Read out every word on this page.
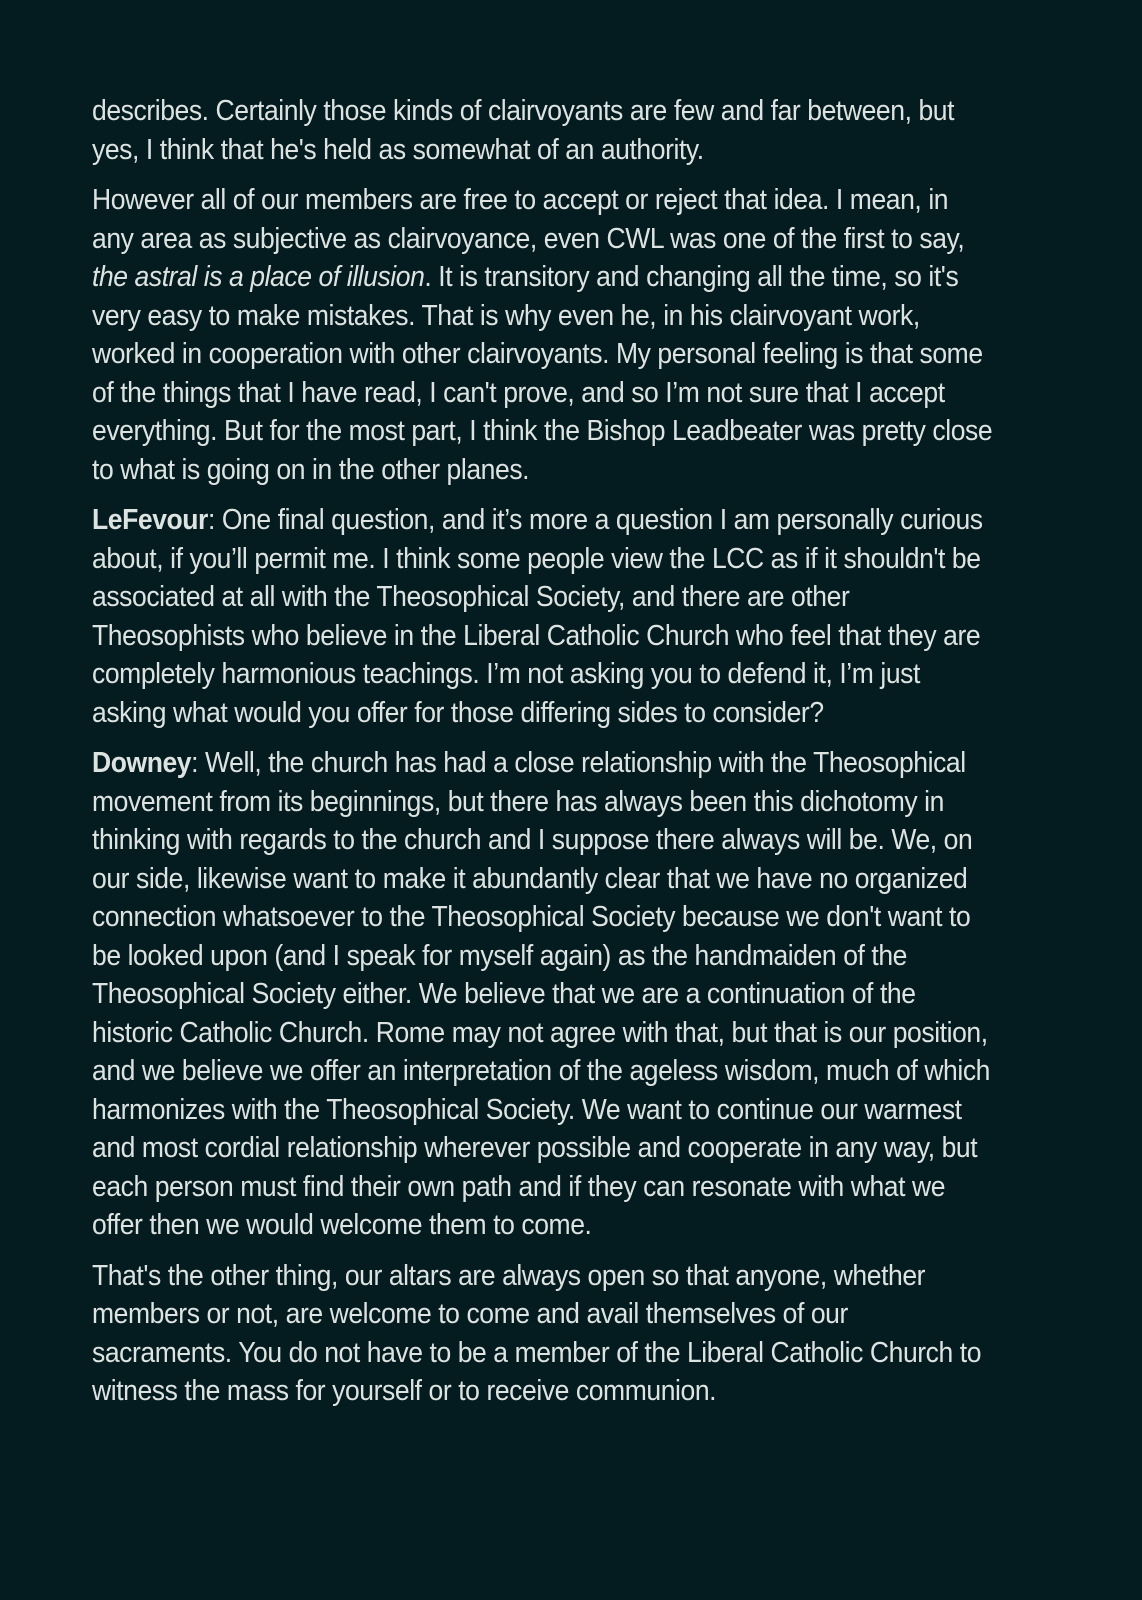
describes. Certainly those kinds of clairvoyants are few and far between, but yes, I think that he's held as somewhat of an authority.

However all of our members are free to accept or reject that idea. I mean, in any area as subjective as clairvoyance, even CWL was one of the first to say, the astral is a place of illusion. It is transitory and changing all the time, so it's very easy to make mistakes. That is why even he, in his clairvoyant work, worked in cooperation with other clairvoyants. My personal feeling is that some of the things that I have read, I can't prove, and so I’m not sure that I accept everything. But for the most part, I think the Bishop Leadbeater was pretty close to what is going on in the other planes.

LeFevour: One final question, and it’s more a question I am personally curious about, if you’ll permit me. I think some people view the LCC as if it shouldn't be associated at all with the Theosophical Society, and there are other Theosophists who believe in the Liberal Catholic Church who feel that they are completely harmonious teachings. I’m not asking you to defend it, I’m just asking what would you offer for those differing sides to consider?

Downey: Well, the church has had a close relationship with the Theosophical movement from its beginnings, but there has always been this dichotomy in thinking with regards to the church and I suppose there always will be. We, on our side, likewise want to make it abundantly clear that we have no organized connection whatsoever to the Theosophical Society because we don't want to be looked upon (and I speak for myself again) as the handmaiden of the Theosophical Society either. We believe that we are a continuation of the historic Catholic Church. Rome may not agree with that, but that is our position, and we believe we offer an interpretation of the ageless wisdom, much of which harmonizes with the Theosophical Society. We want to continue our warmest and most cordial relationship wherever possible and cooperate in any way, but each person must find their own path and if they can resonate with what we offer then we would welcome them to come.

That's the other thing, our altars are always open so that anyone, whether members or not, are welcome to come and avail themselves of our sacraments. You do not have to be a member of the Liberal Catholic Church to witness the mass for yourself or to receive communion.
